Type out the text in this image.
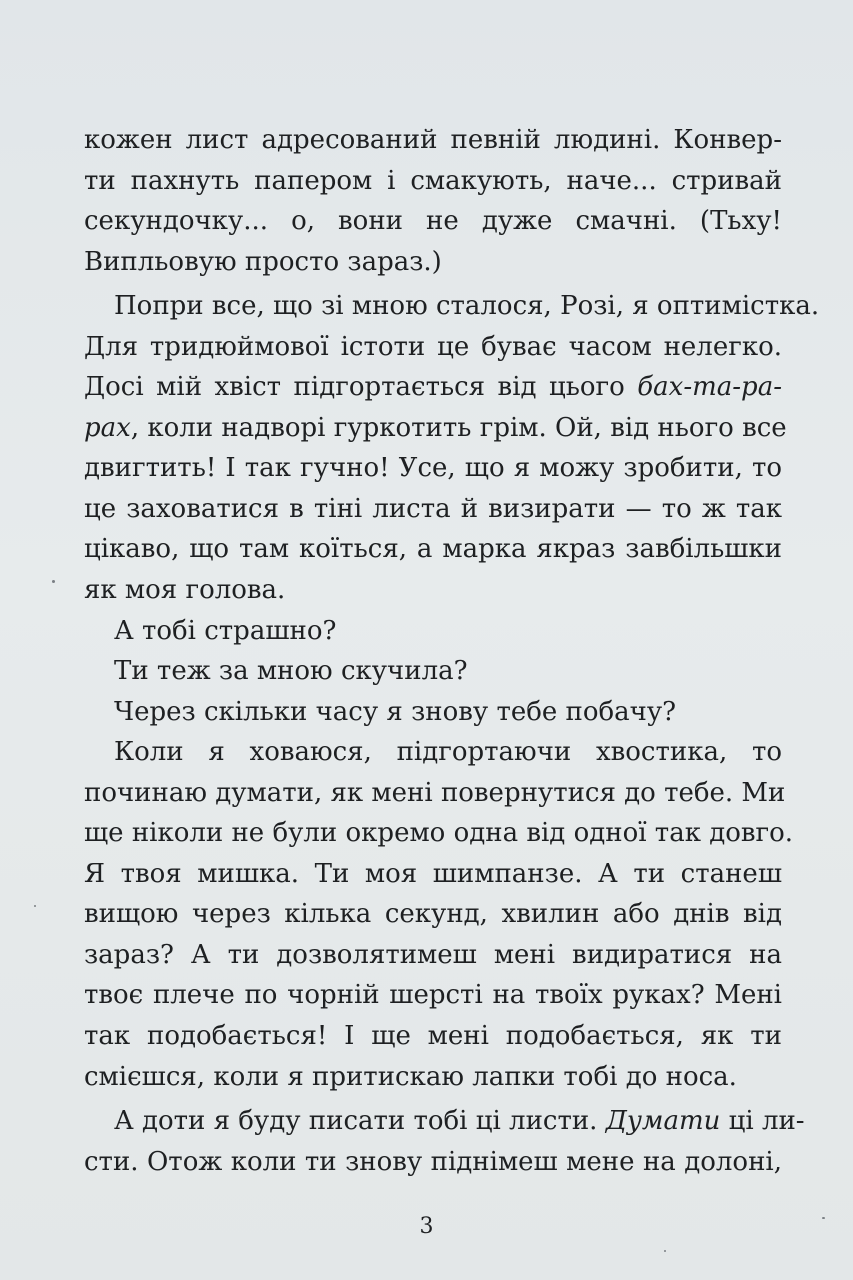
кожен лист адресований певній людині. Конвер-
ти пахнуть папером і смакують, наче... стривай
секундочку... о, вони не дуже смачні. (Тьху!
Випльовую просто зараз.)
Попри все, що зі мною сталося, Розі, я оптимістка.
Для тридюймової істоти це буває часом нелегко.
Досі мій хвіст підгортається від цього бах-та-ра-
рах, коли надворі гуркотить грім. Ой, від нього все
двигтить! І так гучно! Усе, що я можу зробити, то
це заховатися в тіні листа й визирати — то ж так
цікаво, що там коїться, а марка якраз завбільшки
як моя голова.
А тобі страшно?
Ти теж за мною скучила?
Через скільки часу я знову тебе побачу?
Коли я ховаюся, підгортаючи хвостика, то
починаю думати, як мені повернутися до тебе. Ми
ще ніколи не були окремо одна від одної так довго.
Я твоя мишка. Ти моя шимпанзе. А ти станеш
вищою через кілька секунд, хвилин або днів від
зараз? А ти дозволятимеш мені видиратися на
твоє плече по чорній шерсті на твоїх руках? Мені
так подобається! І ще мені подобається, як ти
смієшся, коли я притискаю лапки тобі до носа.
А доти я буду писати тобі ці листи. Думати ці ли-
сти. Отож коли ти знову піднімеш мене на долоні,
3
